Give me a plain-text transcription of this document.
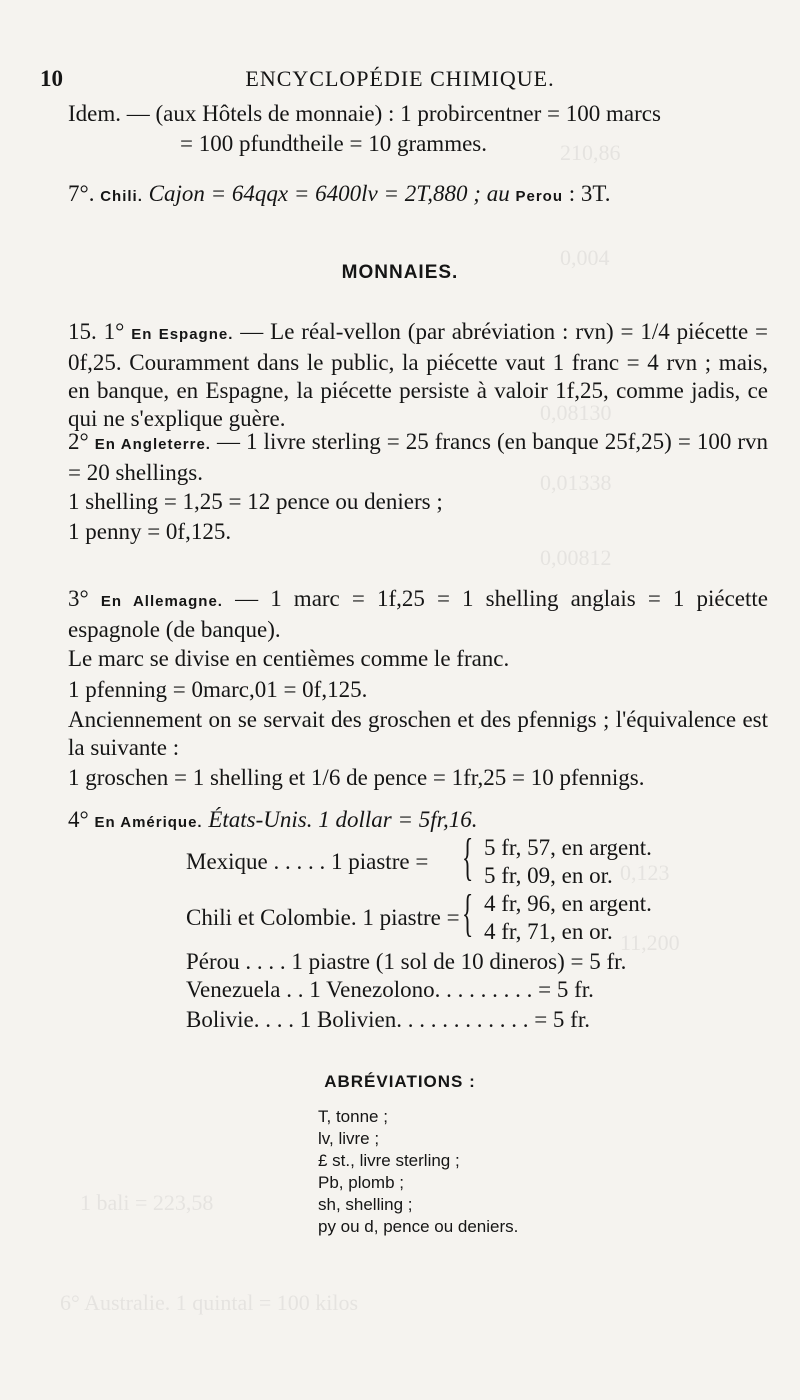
210,86
0,004
0,08130
0,01338
0,00812
0,123
11,200
1 bali = 223,58
6° Australie. 1 quintal = 100 kilos
10	ENCYCLOPÉDIE CHIMIQUE.
Idem. — (aux Hôtels de monnaie) : 1 probircentner = 100 marcs
= 100 pfundtheile = 10 grammes.
7°. Chili. Cajon = 64qqx = 6400lv = 2T,880 ; au Perou : 3T.
MONNAIES.
15. 1° En Espagne. — Le réal-vellon (par abréviation : rvn) = 1/4 piécette = 0f,25. Couramment dans le public, la piécette vaut 1 franc = 4 rvn ; mais, en banque, en Espagne, la piécette persiste à valoir 1f,25, comme jadis, ce qui ne s'explique guère.
2° En Angleterre. — 1 livre sterling = 25 francs (en banque 25f,25) = 100 rvn = 20 shellings.
1 shelling = 1,25 = 12 pence ou deniers ;
1 penny = 0f,125.
3° En Allemagne. — 1 marc = 1f,25 = 1 shelling anglais = 1 piécette espagnole (de banque).
Le marc se divise en centièmes comme le franc.
1 pfenning = 0marc,01 = 0f,125.
Anciennement on se servait des groschen et des pfennigs ; l'équivalence est la suivante :
1 groschen = 1 shelling et 1/6 de pence = 1fr,25 = 10 pfennigs.
4° En Amérique. États-Unis. 1 dollar = 5fr,16.
Mexique . . . . . 1 piastre = { 5 fr, 57, en argent.
5 fr, 09, en or.
Chili et Colombie. 1 piastre = { 4 fr, 96, en argent.
4 fr, 71, en or.
Pérou . . . . 1 piastre (1 sol de 10 dineros) = 5 fr.
Venezuela . . 1 Venezolono. . . . . . . . . = 5 fr.
Bolivie. . . . 1 Bolivien. . . . . . . . . . . . = 5 fr.
ABRÉVIATIONS :
T, tonne ;
lv, livre ;
£ st., livre sterling ;
Pb, plomb ;
sh, shelling ;
py ou d, pence ou deniers.
